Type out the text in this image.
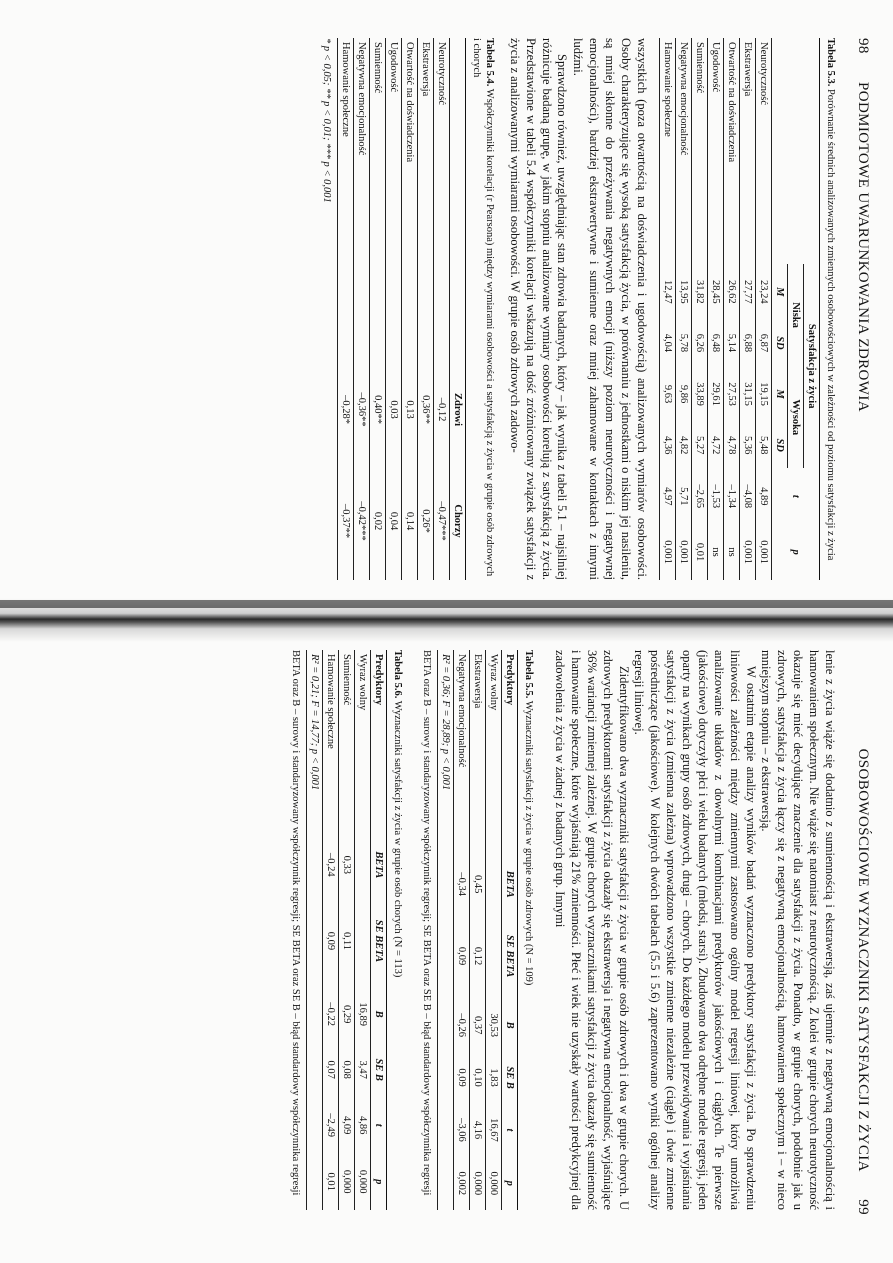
98 PODMIOTOWE UWARUNKOWANIA ZDROWIA
Tabela 5.3. Porównanie średnich analizowanych zmiennych osobowościowych w zależności od poziomu satysfakcji z życia
	Satysfakcja z życia				t	p
	Niska		Wysoka			
	M	SD	M	SD		
Neurotyczność	23,24	6,87	19,15	5,48	4,89	0,001
Ekstrawersja	27,77	6,88	31,15	5,36	–4,08	0,001
Otwartość na doświadczenia	26,62	5,14	27,53	4,78	–1,34	ns
Ugodowość	28,45	6,48	29,61	4,72	–1,53	ns
Sumienność	31,82	6,26	33,89	5,27	–2,65	0,01
Negatywna emocjonalność	13,95	5,78	9,86	4,82	5,71	0,001
Hamowanie społeczne	12,47	4,04	9,63	4,36	4,97	0,001

wszystkich (poza otwartością na doświadczenia i ugodowością) analizowanych wymiarów osobowości. Osoby charakteryzujące się wysoką satysfakcją życia, w porównaniu z jednostkami o niskim jej nasileniu, są mniej skłonne do przeżywania negatywnych emocji (niższy poziom neurotyczności i negatywnej emocjonalności), bardziej ekstrawertywne i sumienne oraz mniej zahamowane w kontaktach z innymi ludźmi.

Sprawdzono również, uwzględniając stan zdrowia badanych, który – jak wynika z tabeli 5.1 – najsilniej różnicuje badaną grupę, w jakim stopniu analizowane wymiary osobowości korelują z satysfakcją z życia. Przedstawione w tabeli 5.4 współczynniki korelacji wskazują na dość zróżnicowany związek satysfakcji z życia z analizowanymi wymiarami osobowości. W grupie osób zdrowych zadowo-

Tabela 5.4. Współczynniki korelacji (r Pearsona) między wymiarami osobowości a satysfakcją z życia w grupie osób zdrowych i chorych
	Zdrowi	Chorzy
Neurotyczność	–0,12	–0,47***
Ekstrawersja	0,36**	0,26*
Otwartość na doświadczenia	0,13	0,14
Ugodowość	0,03	0,04
Sumienność	0,40**	0,02
Negatywna emocjonalność	–0,36**	–0,42***
Hamowanie społeczne	–0,28*	–0,37**
* p < 0,05; ** p < 0,01; *** p < 0,001
OSOBOWOŚCIOWE WYZNACZNIKI SATYSFAKCJI Z ŻYCIA 99

lenie z życia wiąże się dodatnio z sumiennością i ekstrawersją, zaś ujemnie z negatywną emocjonalnością i hamowaniem społecznym. Nie wiąże się natomiast z neurotycznością. Z kolei w grupie chorych neurotyczność okazuje się mieć decydujące znaczenie dla satysfakcji z życia. Ponadto, w grupie chorych, podobnie jak u zdrowych, satysfakcja z życia łączy się z negatywną emocjonalnością, hamowaniem społecznym i – w nieco mniejszym stopniu – z ekstrawersją.

W ostatnim etapie analizy wyników badań wyznaczono predyktory satysfakcji z życia. Po sprawdzeniu liniowości zależności między zmiennymi zastosowano ogólny model regresji liniowej, który umożliwia analizowanie układów z dowolnymi kombinacjami predyktorów jakościowych i ciągłych. Te pierwsze (jakościowe) dotyczyły płci i wieku badanych (młodsi, starsi). Zbudowano dwa odrębne modele regresji, jeden oparty na wynikach grupy osób zdrowych, drugi – chorych. Do każdego modelu przewidywania i wyjaśniania satysfakcji z życia (zmienna zależna) wprowadzono wszystkie zmienne niezależne (ciągłe) i dwie zmienne pośredniczące (jakościowe). W kolejnych dwóch tabelach (5.5 i 5.6) zaprezentowano wyniki ogólnej analizy regresji liniowej.

Zidentyfikowano dwa wyznaczniki satysfakcji z życia w grupie osób zdrowych i dwa w grupie chorych. U zdrowych predyktorami satysfakcji z życia okazały się ekstrawersja i negatywna emocjonalność, wyjaśniające 36% wariancji zmiennej zależnej. W grupie chorych wyznacznikami satysfakcji z życia okazały się sumienność i hamowanie społeczne, które wyjaśniają 21% zmienności. Płeć i wiek nie uzyskały wartości predykcyjnej dla zadowolenia z życia w żadnej z badanych grup. Innymi

Tabela 5.5. Wyznaczniki satysfakcji z życia w grupie osób zdrowych (N = 109)
Predyktory	BETA	SE BETA	B	SE B	t	p
Wyraz wolny			30,53	1,83	16,67	0,000
Ekstrawersja	0,45	0,12	0,37	0,10	4,16	0,000
Negatywna emocjonalność	–0,34	0,09	–0,26	0,09	–3,06	0,002
R² = 0,36; F = 28,89; p < 0,001						
BETA oraz B – surowy i standaryzowany współczynnik regresji; SE BETA oraz SE B – błąd standardowy współczynnika regresji
Tabela 5.6. Wyznaczniki satysfakcji z życia w grupie osób chorych (N = 113)
Predyktory	BETA	SE BETA	B	SE B	t	p
Wyraz wolny			16,89	3,47	4,86	0,000
Sumienność	0,33	0,11	0,29	0,08	4,09	0,000
Hamowanie społeczne	–0,24	0,09	–0,22	0,07	–2,49	0,01
R² = 0,21; F = 14,77; p < 0,001						
BETA oraz B – surowy i standaryzowany współczynnik regresji; SE BETA oraz SE B – błąd standardowy współczynnika regresji
